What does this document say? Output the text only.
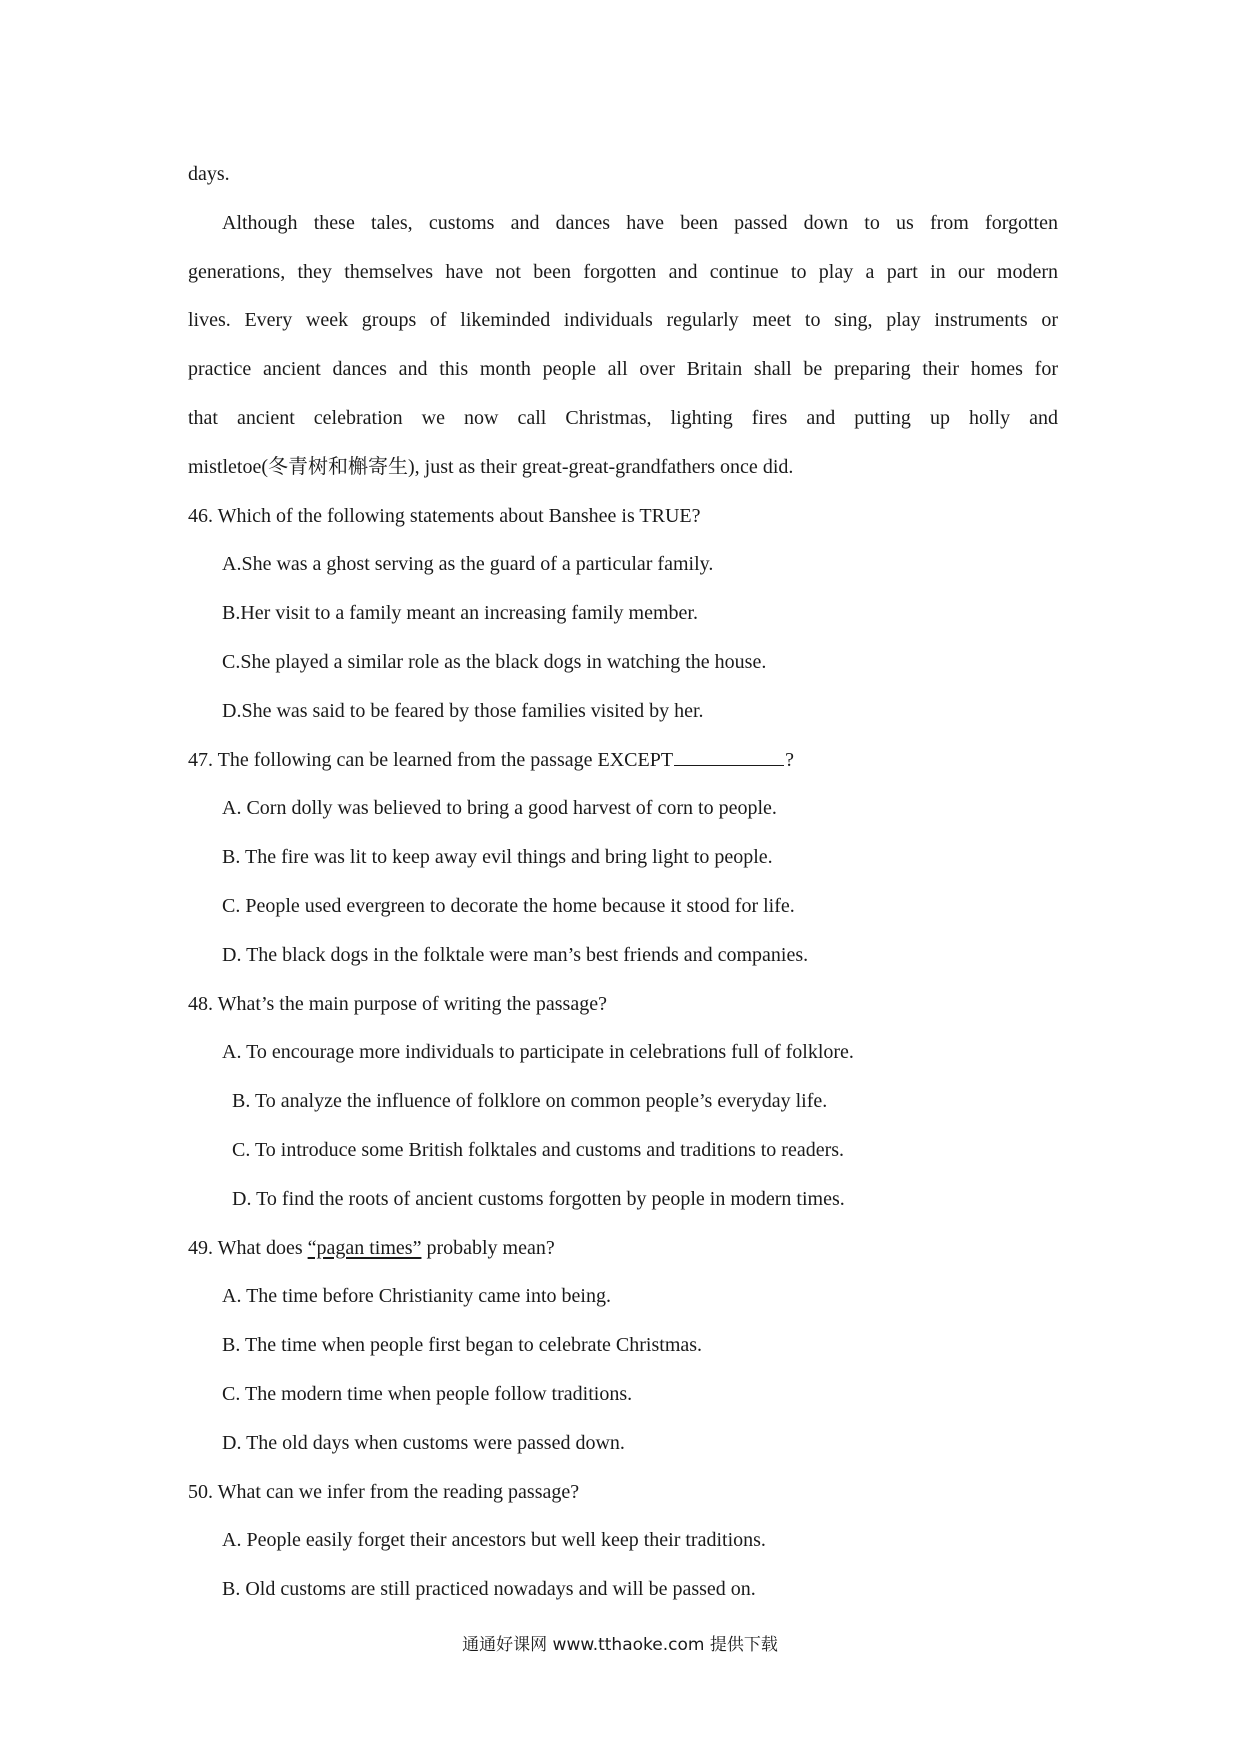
days.
Although these tales, customs and dances have been passed down to us from forgotten
generations, they themselves have not been forgotten and continue to play a part in our modern
lives. Every week groups of likeminded individuals regularly meet to sing, play instruments or
practice ancient dances and this month people all over Britain shall be preparing their homes for
that ancient celebration we now call Christmas, lighting fires and putting up holly and
mistletoe(冬青树和槲寄生), just as their great-great-grandfathers once did.
46. Which of the following statements about Banshee is TRUE?
A.She was a ghost serving as the guard of a particular family.
B.Her visit to a family meant an increasing family member.
C.She played a similar role as the black dogs in watching the house.
D.She was said to be feared by those families visited by her.
47. The following can be learned from the passage EXCEPT	?
A. Corn dolly was believed to bring a good harvest of corn to people.
B. The fire was lit to keep away evil things and bring light to people.
C. People used evergreen to decorate the home because it stood for life.
D. The black dogs in the folktale were man’s best friends and companies.
48. What’s the main purpose of writing the passage?
A. To encourage more individuals to participate in celebrations full of folklore.
B. To analyze the influence of folklore on common people’s everyday life.
C. To introduce some British folktales and customs and traditions to readers.
D. To find the roots of ancient customs forgotten by people in modern times.
49. What does “pagan times” probably mean?
A. The time before Christianity came into being.
B. The time when people first began to celebrate Christmas.
C. The modern time when people follow traditions.
D. The old days when customs were passed down.
50. What can we infer from the reading passage?
A. People easily forget their ancestors but well keep their traditions.
B. Old customs are still practiced nowadays and will be passed on.
通通好课网 www.tthaoke.com 提供下载
